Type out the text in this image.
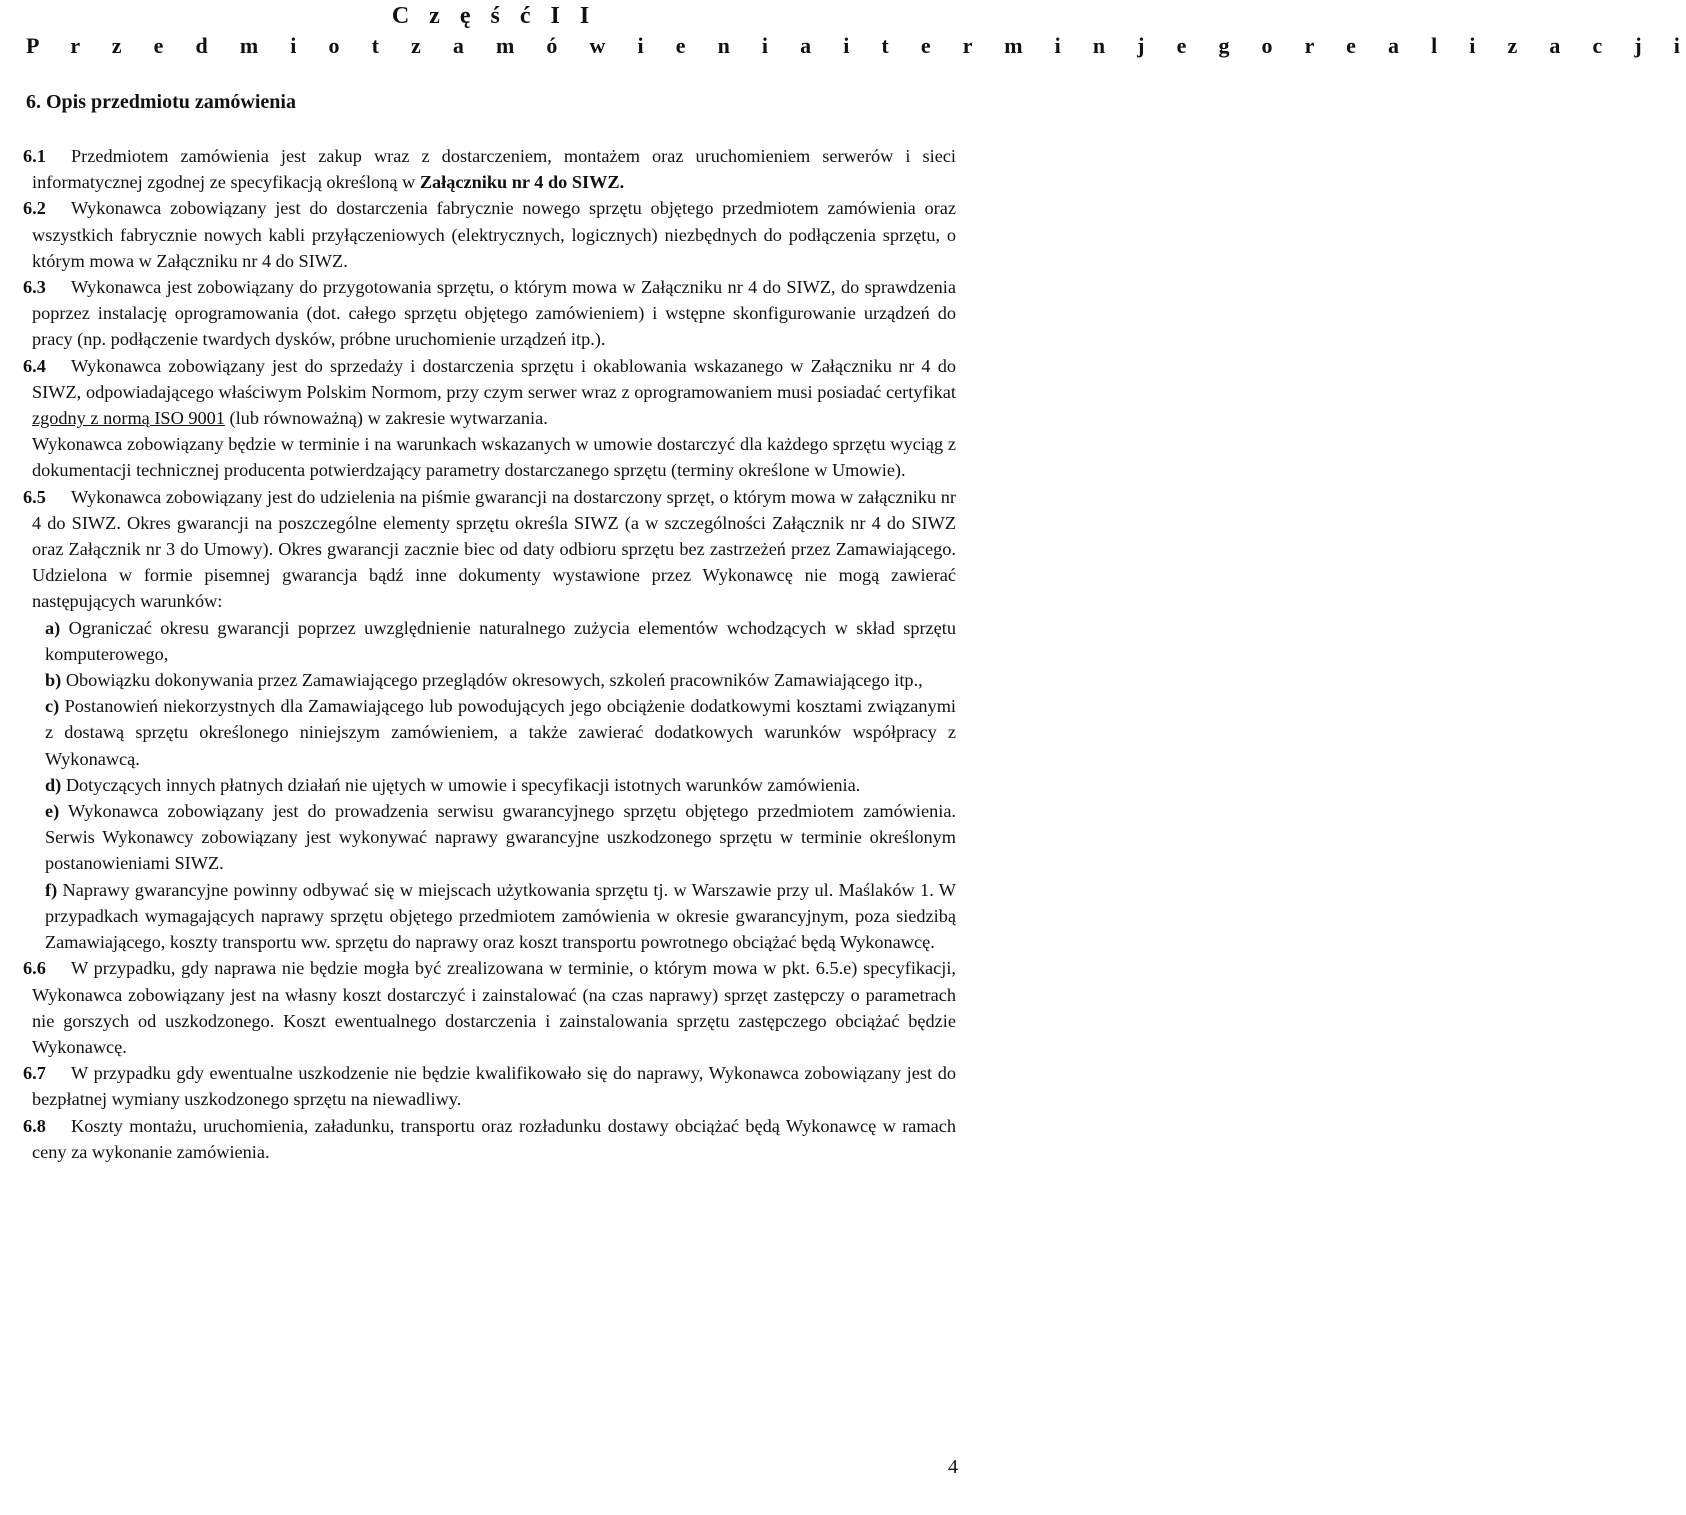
C z ę ś ć I I

P r z e d m i o t z a m ó w i e n i a i t e r m i n j e g o r e a l i z a c j i

6. Opis przedmiotu zamówienia

6.1 Przedmiotem zamówienia jest zakup wraz z dostarczeniem, montażem oraz uruchomieniem serwerów i sieci informatycznej zgodnej ze specyfikacją określoną w Załączniku nr 4 do SIWZ.

6.2 Wykonawca zobowiązany jest do dostarczenia fabrycznie nowego sprzętu objętego przedmiotem zamówienia oraz wszystkich fabrycznie nowych kabli przyłączeniowych (elektrycznych, logicznych) niezbędnych do podłączenia sprzętu, o którym mowa w Załączniku nr 4 do SIWZ.

6.3 Wykonawca jest zobowiązany do przygotowania sprzętu, o którym mowa w Załączniku nr 4 do SIWZ, do sprawdzenia poprzez instalację oprogramowania (dot. całego sprzętu objętego zamówieniem) i wstępne skonfigurowanie urządzeń do pracy (np. podłączenie twardych dysków, próbne uruchomienie urządzeń itp.).

6.4 Wykonawca zobowiązany jest do sprzedaży i dostarczenia sprzętu i okablowania wskazanego w Załączniku nr 4 do SIWZ, odpowiadającego właściwym Polskim Normom, przy czym serwer wraz z oprogramowaniem musi posiadać certyfikat zgodny z normą ISO 9001 (lub równoważną) w zakresie wytwarzania.

Wykonawca zobowiązany będzie w terminie i na warunkach wskazanych w umowie dostarczyć dla każdego sprzętu wyciąg z dokumentacji technicznej producenta potwierdzający parametry dostarczanego sprzętu (terminy określone w Umowie).

6.5 Wykonawca zobowiązany jest do udzielenia na piśmie gwarancji na dostarczony sprzęt, o którym mowa w załączniku nr 4 do SIWZ. Okres gwarancji na poszczególne elementy sprzętu określa SIWZ (a w szczególności Załącznik nr 4 do SIWZ oraz Załącznik nr 3 do Umowy). Okres gwarancji zacznie biec od daty odbioru sprzętu bez zastrzeżeń przez Zamawiającego. Udzielona w formie pisemnej gwarancja bądź inne dokumenty wystawione przez Wykonawcę nie mogą zawierać następujących warunków:

a) Ograniczać okresu gwarancji poprzez uwzględnienie naturalnego zużycia elementów wchodzących w skład sprzętu komputerowego,

b) Obowiązku dokonywania przez Zamawiającego przeglądów okresowych, szkoleń pracowników Zamawiającego itp.,

c) Postanowień niekorzystnych dla Zamawiającego lub powodujących jego obciążenie dodatkowymi kosztami związanymi z dostawą sprzętu określonego niniejszym zamówieniem, a także zawierać dodatkowych warunków współpracy z Wykonawcą.

d) Dotyczących innych płatnych działań nie ujętych w umowie i specyfikacji istotnych warunków zamówienia.

e) Wykonawca zobowiązany jest do prowadzenia serwisu gwarancyjnego sprzętu objętego przedmiotem zamówienia. Serwis Wykonawcy zobowiązany jest wykonywać naprawy gwarancyjne uszkodzonego sprzętu w terminie określonym postanowieniami SIWZ.

f) Naprawy gwarancyjne powinny odbywać się w miejscach użytkowania sprzętu tj. w Warszawie przy ul. Maślaków 1. W przypadkach wymagających naprawy sprzętu objętego przedmiotem zamówienia w okresie gwarancyjnym, poza siedzibą Zamawiającego, koszty transportu ww. sprzętu do naprawy oraz koszt transportu powrotnego obciążać będą Wykonawcę.

6.6 W przypadku, gdy naprawa nie będzie mogła być zrealizowana w terminie, o którym mowa w pkt. 6.5.e) specyfikacji, Wykonawca zobowiązany jest na własny koszt dostarczyć i zainstalować (na czas naprawy) sprzęt zastępczy o parametrach nie gorszych od uszkodzonego. Koszt ewentualnego dostarczenia i zainstalowania sprzętu zastępczego obciążać będzie Wykonawcę.

6.7 W przypadku gdy ewentualne uszkodzenie nie będzie kwalifikowało się do naprawy, Wykonawca zobowiązany jest do bezpłatnej wymiany uszkodzonego sprzętu na niewadliwy.

6.8 Koszty montażu, uruchomienia, załadunku, transportu oraz rozładunku dostawy obciążać będą Wykonawcę w ramach ceny za wykonanie zamówienia.

4
